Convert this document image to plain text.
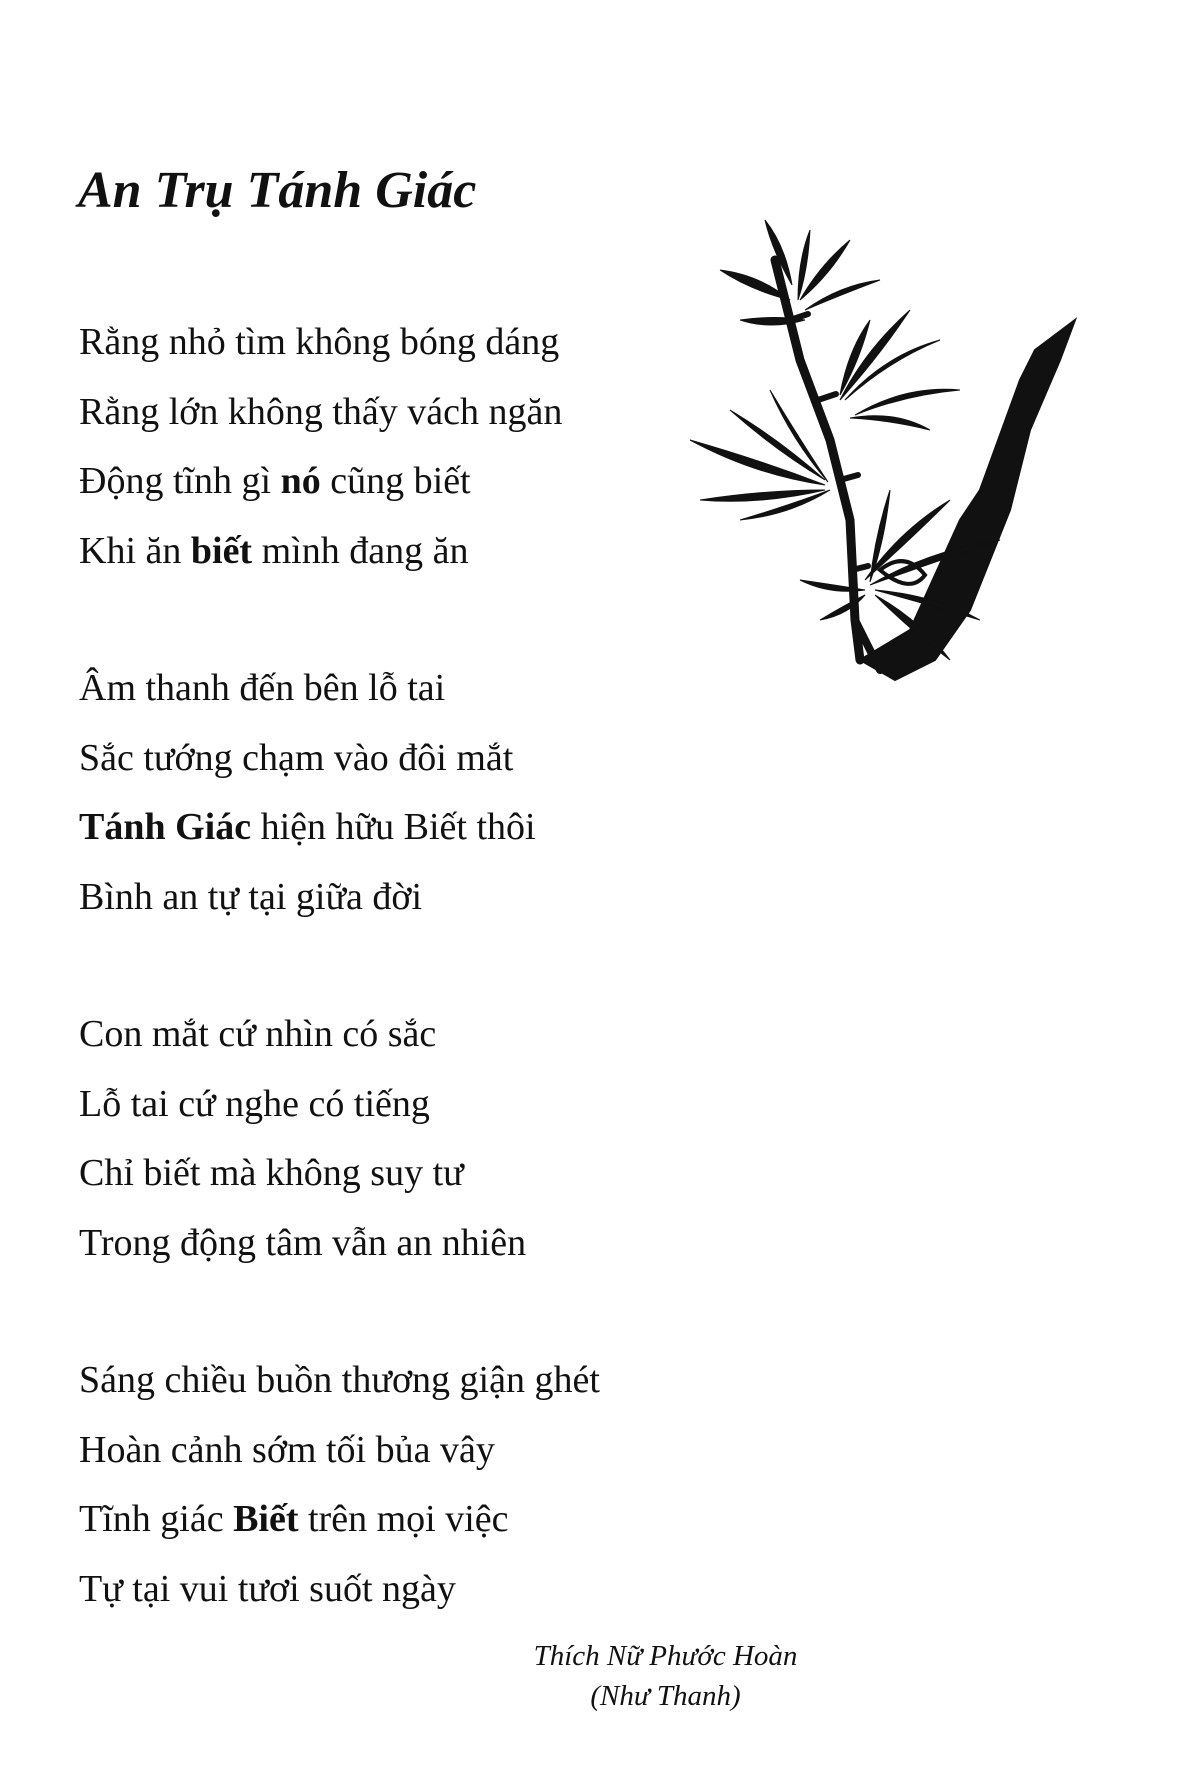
An Trụ Tánh Giác
Rằng nhỏ tìm không bóng dáng
Rằng lớn không thấy vách ngăn
Động tĩnh gì nó cũng biết
Khi ăn biết mình đang ăn
Âm thanh đến bên lỗ tai
Sắc tướng chạm vào đôi mắt
Tánh Giác hiện hữu Biết thôi
Bình an tự tại giữa đời
Con mắt cứ nhìn có sắc
Lỗ tai cứ nghe có tiếng
Chỉ biết mà không suy tư
Trong động tâm vẫn an nhiên
Sáng chiều buồn thương giận ghét
Hoàn cảnh sớm tối bủa vây
Tĩnh giác Biết trên mọi việc
Tự tại vui tươi suốt ngày
Thích Nữ Phước Hoàn
(Như Thanh)
